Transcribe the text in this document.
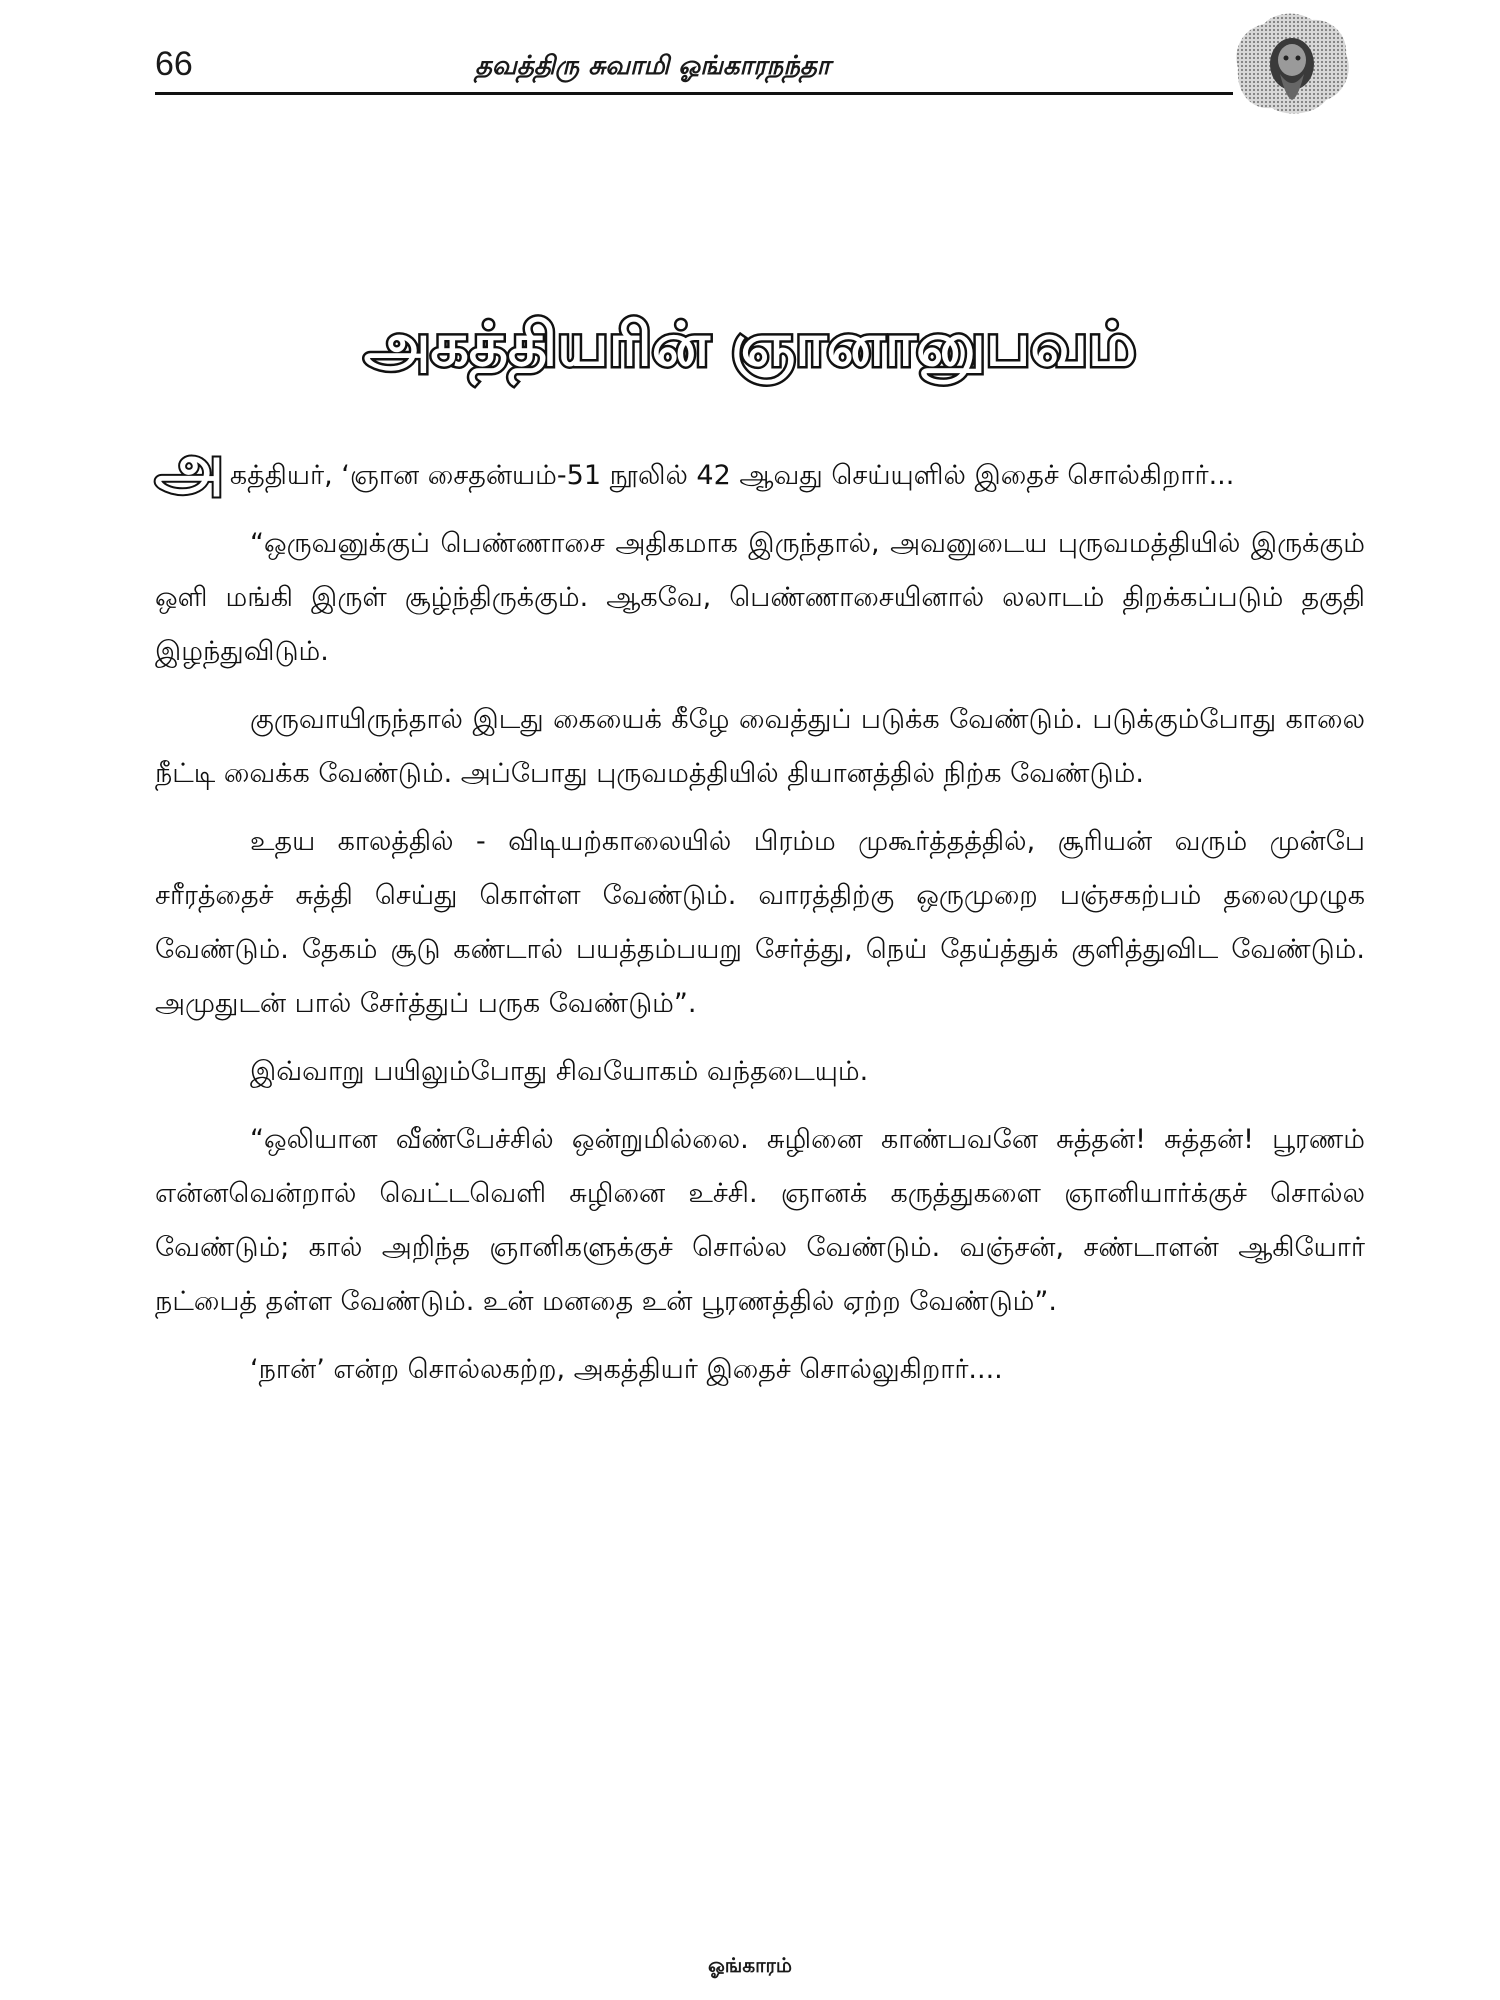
66	தவத்திரு சுவாமி ஓங்காரநந்தா
அகத்தியரின் ஞானானுபவம்

அகத்தியர், ‘ஞான சைதன்யம்-51 நூலில் 42 ஆவது செய்யுளில் இதைச் சொல்கிறார்...

“ஒருவனுக்குப் பெண்ணாசை அதிகமாக இருந்தால், அவனுடைய புருவமத்தியில் இருக்கும் ஒளி மங்கி இருள் சூழ்ந்திருக்கும். ஆகவே, பெண்ணாசையினால் லலாடம் திறக்கப்படும் தகுதி இழந்துவிடும்.

குருவாயிருந்தால் இடது கையைக் கீழே வைத்துப் படுக்க வேண்டும். படுக்கும்போது காலை நீட்டி வைக்க வேண்டும். அப்போது புருவமத்தியில் தியானத்தில் நிற்க வேண்டும்.

உதய காலத்தில் - விடியற்காலையில் பிரம்ம முகூர்த்தத்தில், சூரியன் வரும் முன்பே சரீரத்தைச் சுத்தி செய்து கொள்ள வேண்டும். வாரத்திற்கு ஒருமுறை பஞ்சகற்பம் தலைமுழுக வேண்டும். தேகம் சூடு கண்டால் பயத்தம்பயறு சேர்த்து, நெய் தேய்த்துக் குளித்துவிட வேண்டும். அமுதுடன் பால் சேர்த்துப் பருக வேண்டும்”.

இவ்வாறு பயிலும்போது சிவயோகம் வந்தடையும்.

“ஒலியான வீண்பேச்சில் ஒன்றுமில்லை. சுழினை காண்பவனே சுத்தன்! சுத்தன்! பூரணம் என்னவென்றால் வெட்டவெளி சுழினை உச்சி. ஞானக் கருத்துகளை ஞானியார்க்குச் சொல்ல வேண்டும்; கால் அறிந்த ஞானிகளுக்குச் சொல்ல வேண்டும். வஞ்சன், சண்டாளன் ஆகியோர் நட்பைத் தள்ள வேண்டும். உன் மனதை உன் பூரணத்தில் ஏற்ற வேண்டும்”.

‘நான்’ என்ற சொல்லகற்ற, அகத்தியர் இதைச் சொல்லுகிறார்....

ஓங்காரம்
